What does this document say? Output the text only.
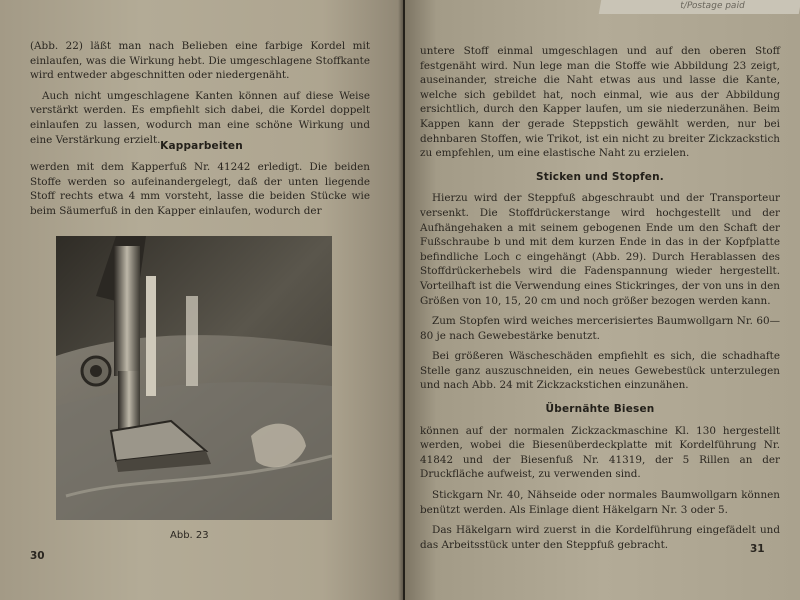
(Abb. 22) läßt man nach Belieben eine farbige Kordel mit einlaufen, was die Wirkung hebt. Die umgeschlagene Stoffkante wird entweder abgeschnitten oder niedergenäht.

Auch nicht umgeschlagene Kanten können auf diese Weise verstärkt werden. Es empfiehlt sich dabei, die Kordel doppelt einlaufen zu lassen, wodurch man eine schöne Wirkung und eine Verstärkung erzielt.

Kapparbeiten

werden mit dem Kapperfuß Nr. 41242 erledigt. Die beiden Stoffe werden so aufeinandergelegt, daß der unten liegende Stoff rechts etwa 4 mm vorsteht, lasse die beiden Stücke wie beim Säumerfuß in den Kapper einlaufen, wodurch der

Abb. 23
30

untere Stoff einmal umgeschlagen und auf den oberen Stoff festgenäht wird. Nun lege man die Stoffe wie Abbildung 23 zeigt, auseinander, streiche die Naht etwas aus und lasse die Kante, welche sich gebildet hat, noch einmal, wie aus der Abbildung ersichtlich, durch den Kapper laufen, um sie niederzunähen. Beim Kappen kann der gerade Steppstich gewählt werden, nur bei dehnbaren Stoffen, wie Trikot, ist ein nicht zu breiter Zickzackstich zu empfehlen, um eine elastische Naht zu erzielen.

Sticken und Stopfen.

Hierzu wird der Steppfuß abgeschraubt und der Transporteur versenkt. Die Stoffdrückerstange wird hochgestellt und der Aufhängehaken a mit seinem gebogenen Ende um den Schaft der Fußschraube b und mit dem kurzen Ende in das in der Kopfplatte befindliche Loch c eingehängt (Abb. 29). Durch Herablassen des Stoffdrückerhebels wird die Fadenspannung wieder hergestellt. Vorteilhaft ist die Verwendung eines Stickringes, der von uns in den Größen von 10, 15, 20 cm und noch größer bezogen werden kann.

Zum Stopfen wird weiches mercerisiertes Baumwollgarn Nr. 60—80 je nach Gewebestärke benutzt.

Bei größeren Wäscheschäden empfiehlt es sich, die schadhafte Stelle ganz auszuschneiden, ein neues Gewebestück unterzulegen und nach Abb. 24 mit Zickzackstichen einzunähen.

Übernähte Biesen

können auf der normalen Zickzackmaschine Kl. 130 hergestellt werden, wobei die Biesenüberdeckplatte mit Kordelführung Nr. 41842 und der Biesenfuß Nr. 41319, der 5 Rillen an der Druckfläche aufweist, zu verwenden sind.

Stickgarn Nr. 40, Nähseide oder normales Baumwollgarn können benützt werden. Als Einlage dient Häkelgarn Nr. 3 oder 5.

Das Häkelgarn wird zuerst in die Kordelführung eingefädelt und das Arbeitsstück unter den Steppfuß gebracht.	31
t/Postage paid
